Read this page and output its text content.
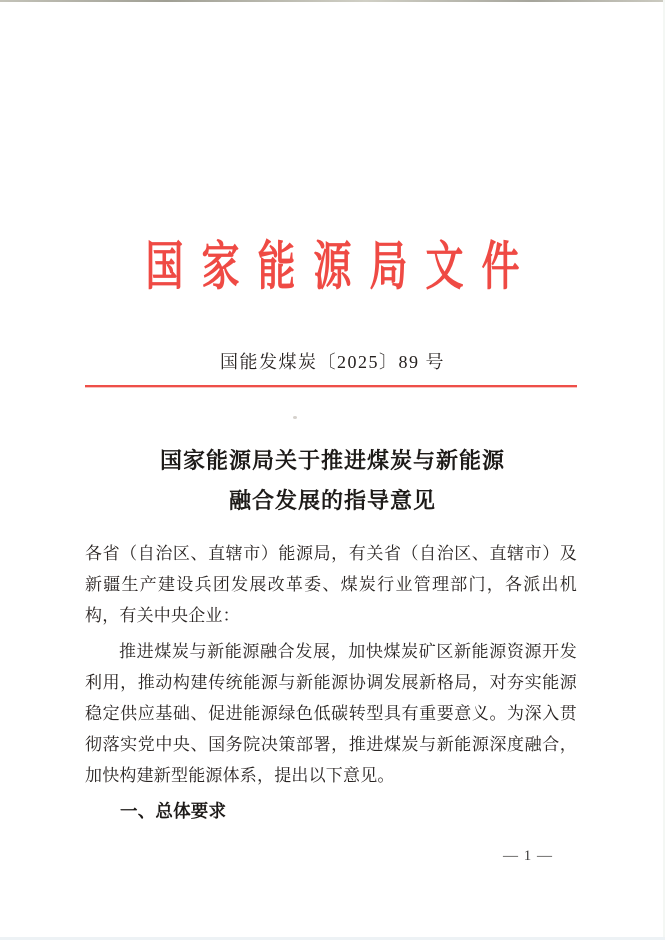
国家能源局文件
国能发煤炭〔2025〕89 号
国家能源局关于推进煤炭与新能源
融合发展的指导意见

各省（自治区、直辖市）能源局，有关省（自治区、直辖市）及新疆生产建设兵团发展改革委、煤炭行业管理部门，各派出机构，有关中央企业：

推进煤炭与新能源融合发展，加快煤炭矿区新能源资源开发利用，推动构建传统能源与新能源协调发展新格局，对夯实能源稳定供应基础、促进能源绿色低碳转型具有重要意义。为深入贯彻落实党中央、国务院决策部署，推进煤炭与新能源深度融合，加快构建新型能源体系，提出以下意见。

一、总体要求

— 1 —
